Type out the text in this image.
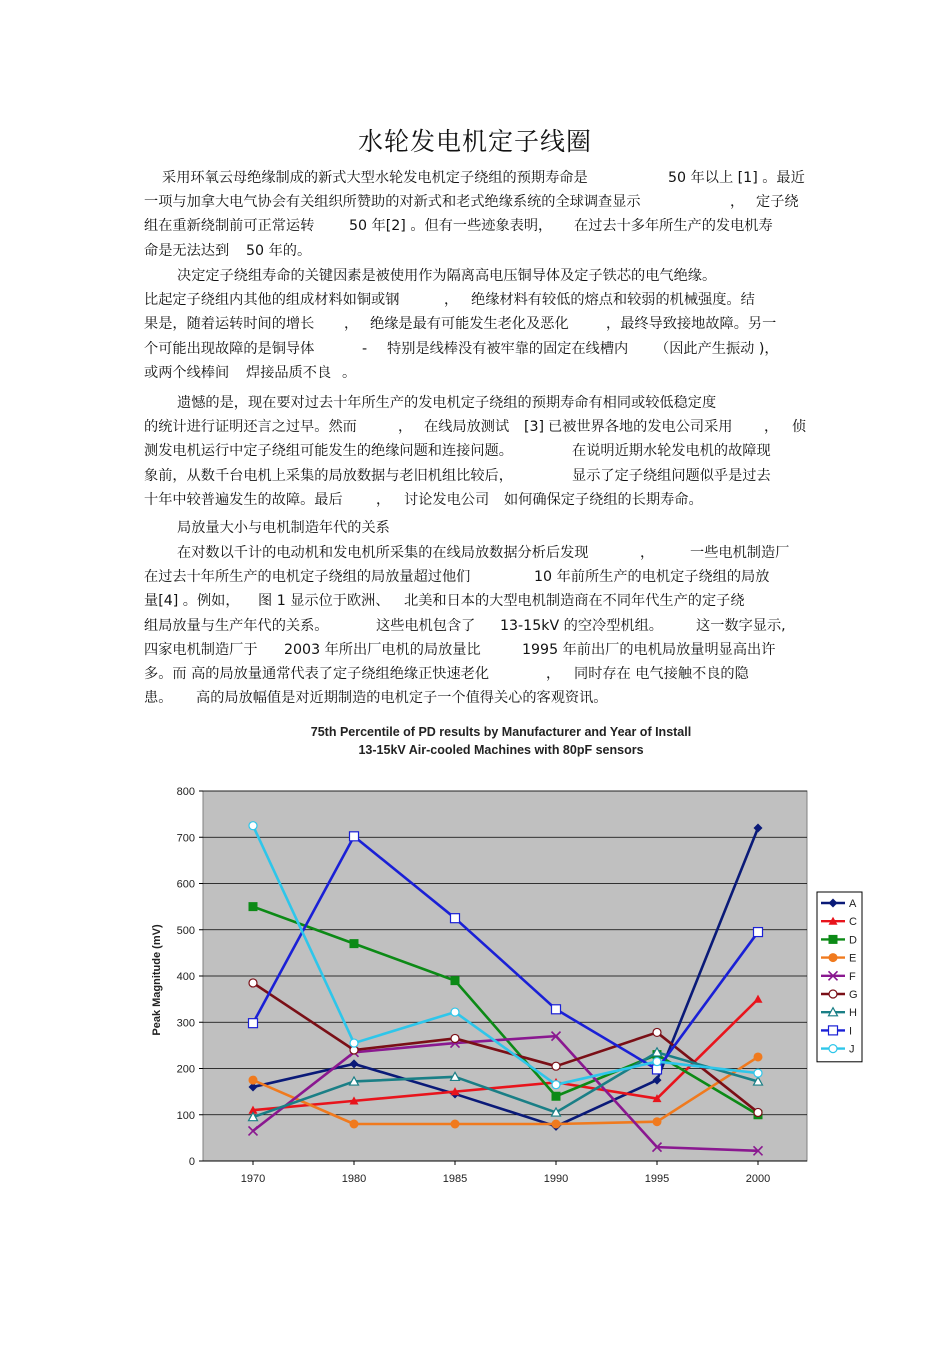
水轮发电机定子线圈
采用环氧云母绝缘制成的新式大型水轮发电机定子绕组的预期寿命是	50 年以上 [1] 。最近
一项与加拿大电气协会有关组织所赞助的对新式和老式绝缘系统的全球调查显示	， 定子绕
组在重新绕制前可正常运转 50 年[2] 。但有一些迹象表明， 在过去十多年所生产的发电机寿
命是无法达到 50 年的。
决定定子绕组寿命的关键因素是被使用作为隔离高电压铜导体及定子铁芯的电气绝缘。
比起定子绕组内其他的组成材料如铜或钢	， 绝缘材料有较低的熔点和较弱的机械强度。结
果是，随着运转时间的增长 ， 绝缘是最有可能发生老化及恶化	，最终导致接地故障。另一
个可能出现故障的是铜导体	- 特别是线棒没有被牢靠的固定在线槽内 （因此产生振动 )，
或两个线棒间 焊接品质不良 。
遗憾的是，现在要对过去十年所生产的发电机定子绕组的预期寿命有相同或较低稳定度
的统计进行证明还言之过早。然而	， 在线局放测试 [3] 已被世界各地的发电公司采用 ， 侦
测发电机运行中定子绕组可能发生的绝缘问题和连接问题。	在说明近期水轮发电机的故障现
象前，从数千台电机上采集的局放数据与老旧机组比较后，	显示了定子绕组问题似乎是过去
十年中较普遍发生的故障。最后 ， 讨论发电公司 如何确保定子绕组的长期寿命。
局放量大小与电机制造年代的关系
在对数以千计的电动机和发电机所采集的在线局放数据分析后发现	，	一些电机制造厂
在过去十年所生产的电机定子绕组的局放量超过他们	10 年前所生产的电机定子绕组的局放
量[4] 。例如， 图 1 显示位于欧洲、 北美和日本的大型电机制造商在不同年代生产的定子绕
组局放量与生产年代的关系。	这些电机包含了 13-15kV 的空冷型机组。 这一数字显示,
四家电机制造厂于 2003 年所出厂电机的局放量比	1995 年前出厂的电机局放量明显高出许
多。而 高的局放量通常代表了定子绕组绝缘正快速老化	， 同时存在 电气接触不良的隐
患。 高的局放幅值是对近期制造的电机定子一个值得关心的客观资讯。
75th Percentile of PD results by Manufacturer and Year of Install
13-15kV Air-cooled Machines with 80pF sensors
Peak Magnitude (mV)
0
100
200
300
400
500
600
700
800
1970	1980	1985	1990	1995	2000
A
C
D
E
F
G
H
I
J
